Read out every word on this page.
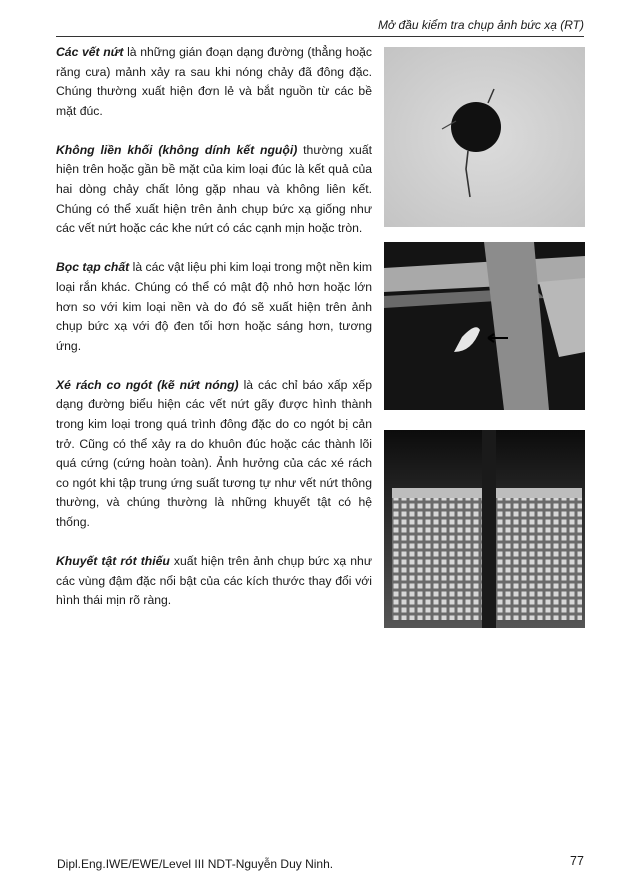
Mở đầu kiểm tra chụp ảnh bức xạ (RT)

Các vết nứt là những gián đoạn dạng đường (thẳng hoặc răng cưa) mảnh xảy ra sau khi nóng chảy đã đông đặc. Chúng thường xuất hiện đơn lẻ và bắt nguồn từ các bề mặt đúc.

Không liền khối (không dính kết nguội) thường xuất hiện trên hoặc gần bề mặt của kim loại đúc là kết quả của hai dòng chảy chất lỏng gặp nhau và không liên kết. Chúng có thể xuất hiện trên ảnh chụp bức xạ giống như các vết nứt hoặc các khe nứt có các cạnh mịn hoặc tròn.

Bọc tạp chất là các vật liệu phi kim loại trong một nền kim loại rắn khác. Chúng có thể có mật độ nhỏ hơn hoặc lớn hơn so với kim loại nền và do đó sẽ xuất hiện trên ảnh chụp bức xạ với độ đen tối hơn hoặc sáng hơn, tương ứng.

Xé rách co ngót (kẽ nứt nóng) là các chỉ báo xấp xếp dạng đường biểu hiện các vết nứt gãy được hình thành trong kim loại trong quá trình đông đặc do co ngót bị cản trở. Cũng có thể xảy ra do khuôn đúc hoặc các thành lõi quá cứng (cứng hoàn toàn). Ảnh hưởng của các xé rách co ngót khi tập trung ứng suất tương tự như vết nứt thông thường, và chúng thường là những khuyết tật có hệ thống.

Khuyết tật rót thiếu xuất hiện trên ảnh chụp bức xạ như các vùng đậm đặc nổi bật của các kích thước thay đổi với hình thái mịn rõ ràng.

Dipl.Eng.IWE/EWE/Level III NDT-Nguyễn Duy Ninh.	77
